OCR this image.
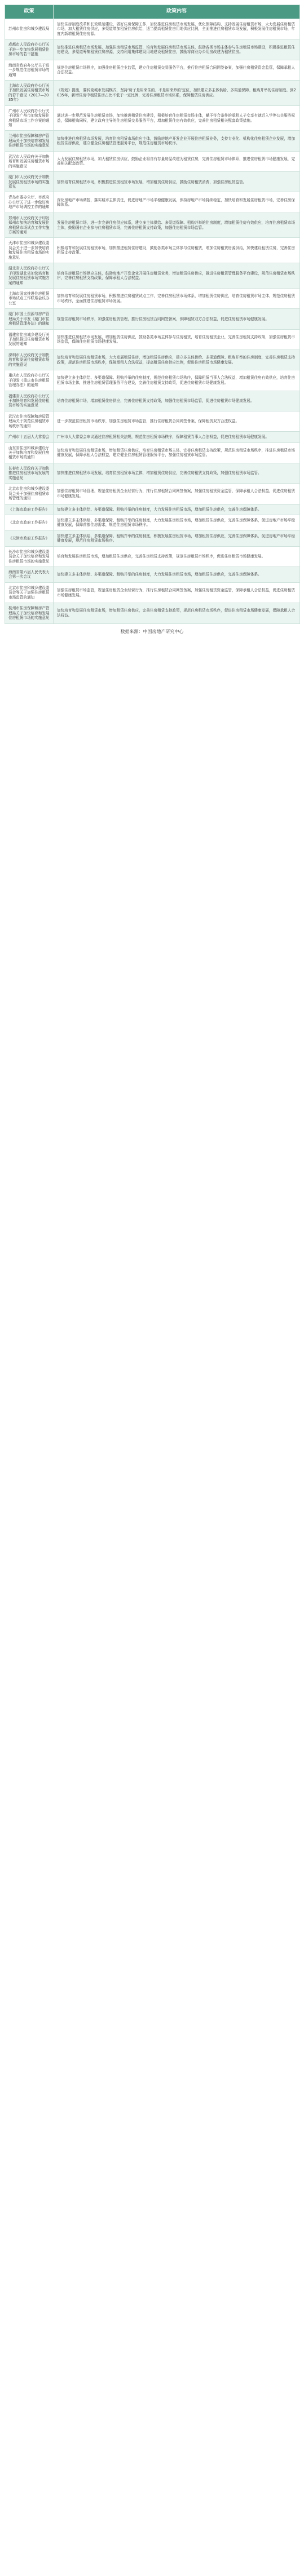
政策	政策内容
苏州市住房和城乡建设局	加快住房制度改革和长效机制建设，做好住房保障工作，加快推进住房租赁市场发展，优化保障结构，支持发展住房租赁市场，大力发展住房租赁市场，加大租赁住房供应，多渠道增加租赁住房供给，适当提高租赁住房用地供应比例，全面推进住房租赁市场发展，积极发展住房租赁市场，年度内新增租赁住房房源。
成都市人民政府办公厅关于进一步加快发展租赁住房市场的若干措施	加快推进住房租赁市场发展，加强住房租赁市场监管，培育和发展住房租赁市场主体，鼓励各类市场主体参与住房租赁市场建设，积极推进租赁住房建设，多渠道筹集租赁住房房源，支持利用集体建设用地建设租赁住房，鼓励将商业办公用房改建为租赁住房。
海南省政府办公厅关于进一步规范住房租赁市场的通知	规范住房租赁市场秩序，加强住房租赁企业监管，建立住房租赁交易服务平台，推行住房租赁合同网签备案，加强住房租赁资金监管，保障承租人合法权益。
上海市人民政府办公厅关于加快发展住房租赁市场的若干意见（2017—2035年）	《规划》提出，要转变城市发展模式，坚持‘房子是用来住的、不是用来炒的’定位，加快建立多主体供给、多渠道保障、租购并举的住房制度。到2035年，新增住房中租赁住房占比不低于一定比例，完善住房租赁市场体系，保障租赁住房供应。
广州市人民政府办公厅关于印发广州市加快发展住房租赁市场工作方案的通知	通过进一步规范发展住房租赁市场，加快推进租赁住房建设，积极培育住房租赁市场主体，赋予符合条件的承租人子女享有就近入学等公共服务权益，保障租购同权，建立政府主导的住房租赁交易服务平台，增加租赁住房有效供应，完善住房租赁相关配套政策措施。
兰州市住房保障和房产管理局关于加快培育和发展住房租赁市场的实施意见	加快推进住房租赁市场发展，培育住房租赁市场供应主体，鼓励房地产开发企业开展住房租赁业务，支持专业化、机构化住房租赁企业发展，增加租赁住房供应，建立健全住房租赁管理服务平台，规范住房租赁市场秩序。
武汉市人民政府关于加快培育和发展住房租赁市场的实施意见	大力发展住房租赁市场，加大租赁住房供应，鼓励企业将自有存量房屋改建为租赁住房，完善住房租赁市场体系，推进住房租赁市场健康发展，完善相关配套政策。
厦门市人民政府关于加快发展住房租赁市场的实施意见	加快培育住房租赁市场，积极推进住房租赁市场发展，增加租赁住房供应，鼓励住房租赁消费，加强住房租赁监管。
青岛市委办公厅、市政府办公厅关于进一步做好房地产市场调控工作的通知	深化房地产市场调控，落实城市主体责任，促进房地产市场平稳健康发展，保持房地产市场持续稳定，加快培育和发展住房租赁市场，完善住房保障体系。
郑州市人民政府关于印发郑州市加快培育和发展住房租赁市场试点工作实施方案的通知	发展住房租赁市场，进一步完善住房供应体系，建立多主体供给、多渠道保障、租购并举的住房制度，增加租赁住房有效供应，培育住房租赁市场主体，鼓励国有企业参与住房租赁市场，完善住房租赁支持政策，加强住房租赁市场监管。
天津市住房和城乡建设委员会关于进一步加快培育和发展住房租赁市场的实施意见	积极培育和发展住房租赁市场，加快推进租赁住房建设，鼓励各类市场主体参与住房租赁，增加住房租赁房源供给，加快建设租赁住房，完善住房租赁支持政策。
湖北省人民政府办公厅关于印发湖北省加快培育和发展住房租赁市场实施方案的通知	培育住房租赁市场供应主体，鼓励房地产开发企业开展住房租赁业务，增加租赁住房供应，推进住房租赁管理服务平台建设，规范住房租赁市场秩序，完善住房租赁支持政策，保障承租人合法权益。
上海市国家推进住房租赁市场试点工作联席会议办公室	加快培育和发展住房租赁市场，积极推进住房租赁试点工作，完善住房租赁市场体系，增加租赁住房供应，培育住房租赁市场主体，规范住房租赁市场秩序，全面推进住房租赁市场发展。
厦门市国土资源与房产管理局关于印发《厦门市住房租赁管理办法》的通知	规范住房租赁市场秩序，加强住房租赁管理，推行住房租赁合同网签备案，保障租赁双方合法权益，促进住房租赁市场健康发展。
福建省住房城乡建设厅关于加快推进住房租赁市场发展的通知	加快推进住房租赁市场发展，增加租赁住房供应，鼓励各类市场主体参与住房租赁，培育住房租赁企业，完善住房租赁支持政策，加强住房租赁市场监管，保障住房租赁市场健康发展。
深圳市人民政府关于加快培育和发展住房租赁市场的实施意见	加快培育和发展住房租赁市场，大力发展租赁住房，增加租赁住房供应，建立多主体供给、多渠道保障、租购并举的住房制度，完善住房租赁支持政策，规范住房租赁市场秩序，保障承租人合法权益，提高租赁住房供应比例，促进住房租赁市场健康发展。
重庆市人民政府办公厅关于印发《重庆市住房租赁管理办法》的通知	加快建立多主体供给、多渠道保障、租购并举的住房制度，规范住房租赁市场秩序，保障租赁当事人合法权益，增加租赁住房有效供应，培育住房租赁市场主体，推进住房租赁管理服务平台建设，完善住房租赁支持政策，促进住房租赁市场健康发展。
福建省人民政府办公厅关于加快培育和发展住房租赁市场的实施意见	培育住房租赁市场，增加租赁住房供应，完善住房租赁支持政策，加强住房租赁市场监管，促进住房租赁市场健康发展。
武汉市住房保障和房屋管理局关于规范住房租赁市场秩序的通知	进一步规范住房租赁市场秩序，加强住房租赁市场监管，推行住房租赁合同网签备案，保障租赁双方合法权益。
广州市十五届人大常委会	广州市人大常委会审议通过住房租赁相关法规，规范住房租赁市场秩序，保障租赁当事人合法权益，促进住房租赁市场健康发展。
山东省住房和城乡建设厅关于加快培育和发展住房租赁市场的通知	加快培育和发展住房租赁市场，增加租赁住房供应，培育住房租赁市场主体，完善住房租赁支持政策，规范住房租赁市场秩序，推进住房租赁市场健康发展，保障承租人合法权益，建立健全住房租赁管理服务平台，加强住房租赁市场监管。
长春市人民政府关于加快推进住房租赁市场发展的实施意见	加快推进住房租赁市场发展，培育住房租赁市场主体，增加租赁住房供应，完善住房租赁支持政策，加强住房租赁市场监管。
北京市住房和城乡建设委员会关于加强住房租赁市场管理的通知	加强住房租赁市场管理，规范住房租赁企业经营行为，推行住房租赁合同网签备案，加强住房租赁资金监管，保障承租人合法权益，促进住房租赁市场健康发展。
《上海市政府工作报告》	加快建立多主体供给、多渠道保障、租购并举的住房制度，大力发展住房租赁市场，增加租赁住房供应，完善住房保障体系。
《北京市政府工作报告》	加快建立多主体供给、多渠道保障、租购并举的住房制度，大力发展住房租赁市场，增加租赁住房供应，完善住房保障体系，促进房地产市场平稳健康发展，保障首都住房需求，规范住房租赁市场秩序。
《天津市政府工作报告》	加快建立多主体供给、多渠道保障、租购并举的住房制度，积极发展住房租赁市场，增加租赁住房供应，完善住房保障体系，促进房地产市场平稳健康发展，规范住房租赁市场秩序。
长沙市住房和城乡建设委员会关于加快培育和发展住房租赁市场的实施意见	培育和发展住房租赁市场，增加租赁住房供应，完善住房租赁支持政策，规范住房租赁市场秩序，促进住房租赁市场健康发展。
海南省第六届人民代表大会第一次会议	加快建立多主体供给、多渠道保障、租购并举的住房制度，大力发展住房租赁市场，增加租赁住房供应，完善住房保障体系。
北京市住房和城乡建设委员会等关于加强住房租赁市场监管的通知	加强住房租赁市场监管，规范住房租赁企业经营行为，推行住房租赁合同网签备案，加强住房租赁资金监管，保障承租人合法权益，促进住房租赁市场健康发展。
杭州市住房保障和房产管理局关于加快培育和发展住房租赁市场的实施意见	加快培育和发展住房租赁市场，增加租赁住房供应，完善住房租赁支持政策，规范住房租赁市场秩序，促进住房租赁市场健康发展，保障承租人合法权益。
数据来源：中国房地产研究中心
